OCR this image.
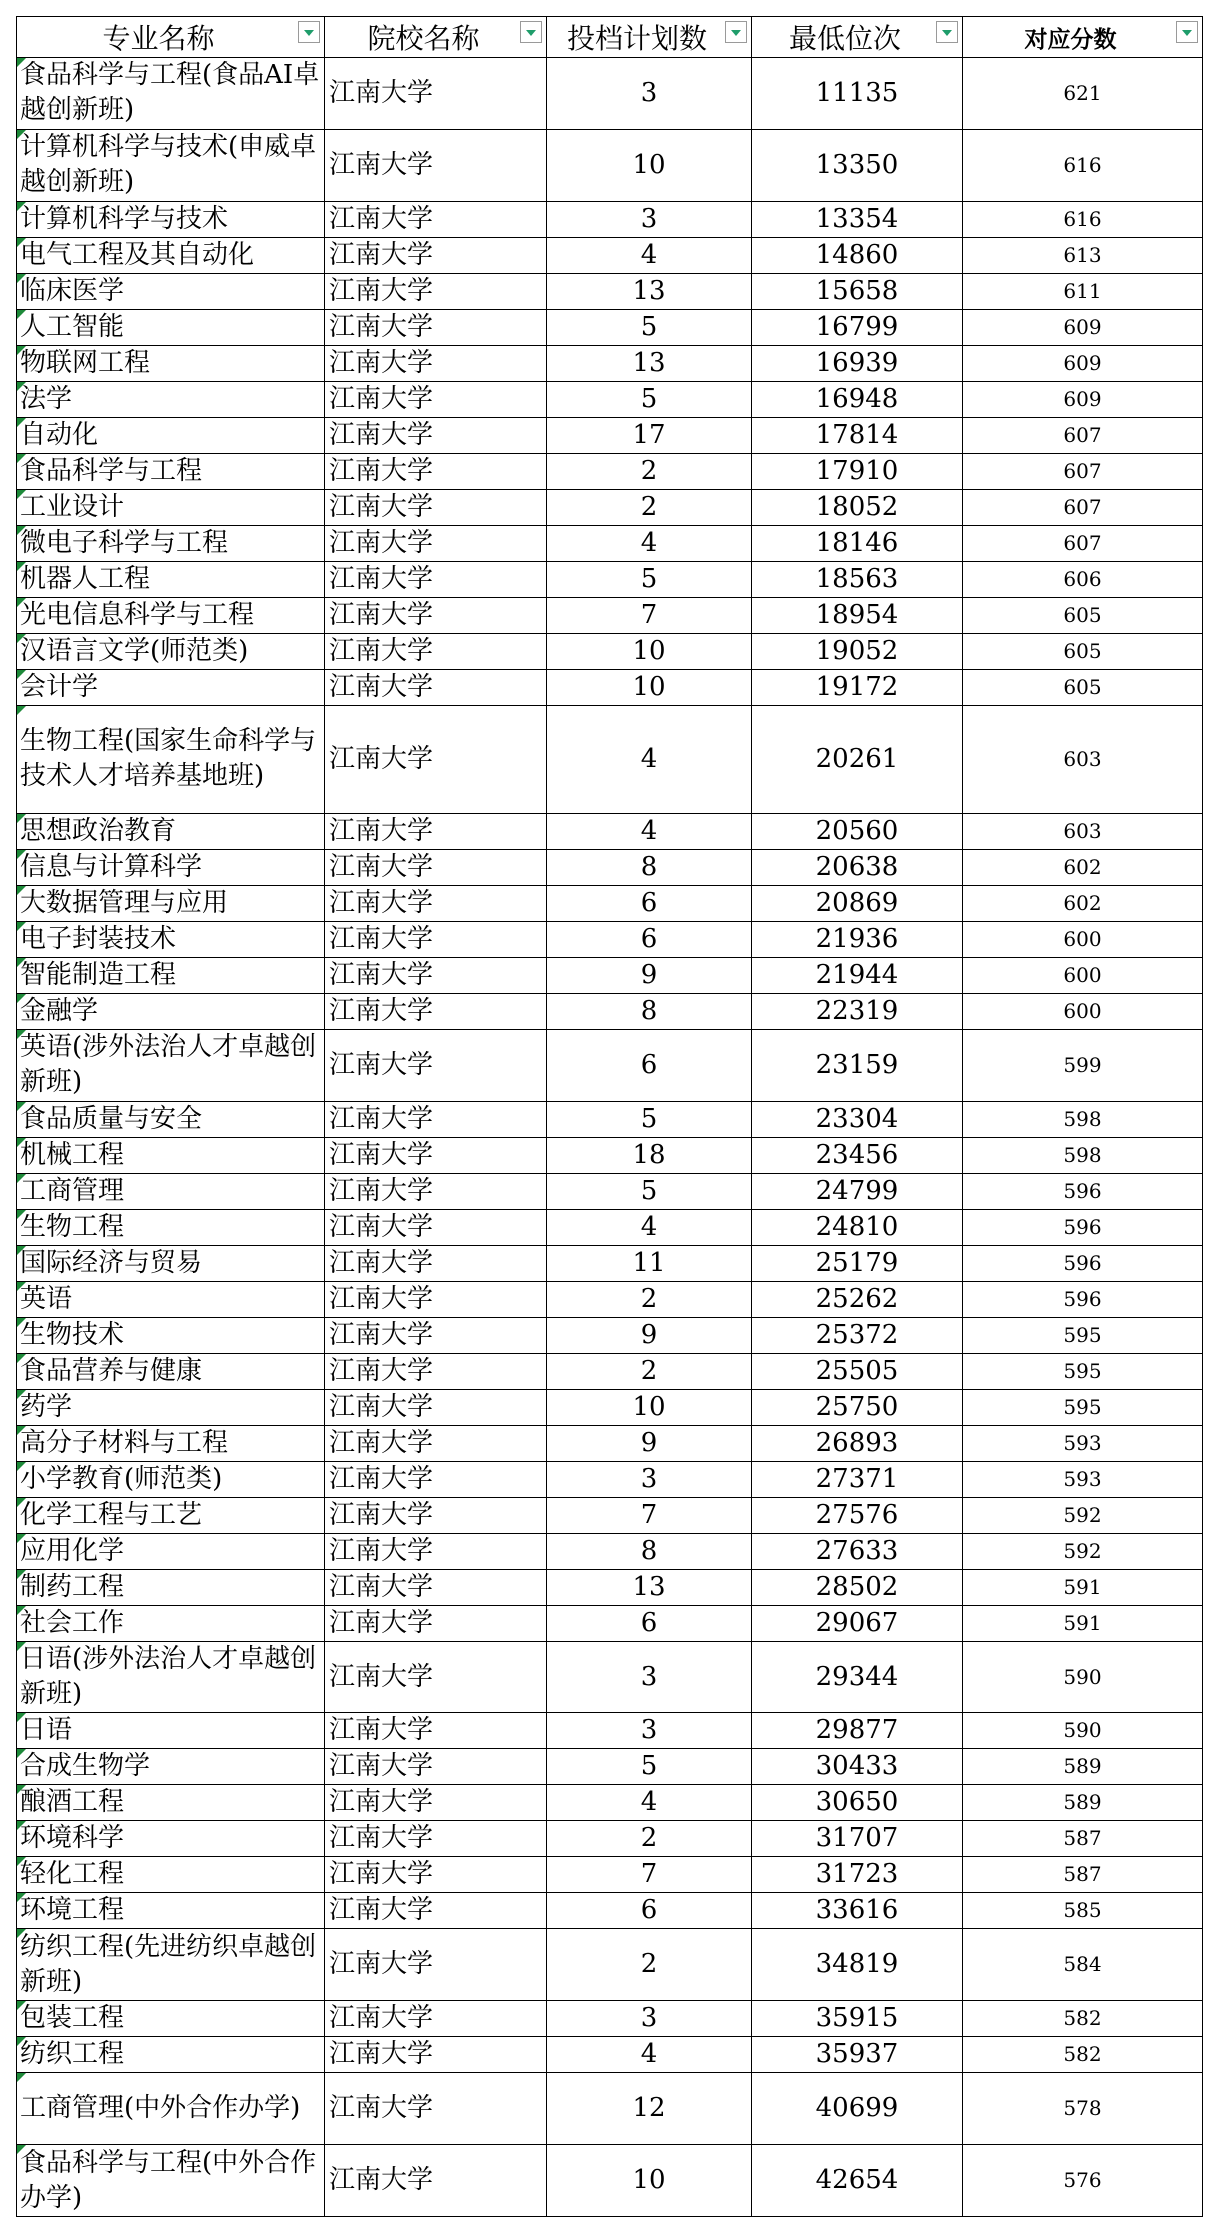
专业名称	院校名称	投档计划数	最低位次	对应分数

食品科学与工程(食品AI卓越创新班)	江南大学	3	11135	621

计算机科学与技术(申威卓越创新班)	江南大学	10	13350	616

计算机科学与技术	江南大学	3	13354	616

电气工程及其自动化	江南大学	4	14860	613

临床医学	江南大学	13	15658	611

人工智能	江南大学	5	16799	609

物联网工程	江南大学	13	16939	609

法学	江南大学	5	16948	609

自动化	江南大学	17	17814	607

食品科学与工程	江南大学	2	17910	607

工业设计	江南大学	2	18052	607

微电子科学与工程	江南大学	4	18146	607

机器人工程	江南大学	5	18563	606

光电信息科学与工程	江南大学	7	18954	605

汉语言文学(师范类)	江南大学	10	19052	605

会计学	江南大学	10	19172	605

生物工程(国家生命科学与技术人才培养基地班)	江南大学	4	20261	603

思想政治教育	江南大学	4	20560	603

信息与计算科学	江南大学	8	20638	602

大数据管理与应用	江南大学	6	20869	602

电子封装技术	江南大学	6	21936	600

智能制造工程	江南大学	9	21944	600

金融学	江南大学	8	22319	600

英语(涉外法治人才卓越创新班)	江南大学	6	23159	599

食品质量与安全	江南大学	5	23304	598

机械工程	江南大学	18	23456	598

工商管理	江南大学	5	24799	596

生物工程	江南大学	4	24810	596

国际经济与贸易	江南大学	11	25179	596

英语	江南大学	2	25262	596

生物技术	江南大学	9	25372	595

食品营养与健康	江南大学	2	25505	595

药学	江南大学	10	25750	595

高分子材料与工程	江南大学	9	26893	593

小学教育(师范类)	江南大学	3	27371	593

化学工程与工艺	江南大学	7	27576	592

应用化学	江南大学	8	27633	592

制药工程	江南大学	13	28502	591

社会工作	江南大学	6	29067	591

日语(涉外法治人才卓越创新班)	江南大学	3	29344	590

日语	江南大学	3	29877	590

合成生物学	江南大学	5	30433	589

酿酒工程	江南大学	4	30650	589

环境科学	江南大学	2	31707	587

轻化工程	江南大学	7	31723	587

环境工程	江南大学	6	33616	585

纺织工程(先进纺织卓越创新班)	江南大学	2	34819	584

包装工程	江南大学	3	35915	582

纺织工程	江南大学	4	35937	582

工商管理(中外合作办学)	江南大学	12	40699	578

食品科学与工程(中外合作办学)	江南大学	10	42654	576
